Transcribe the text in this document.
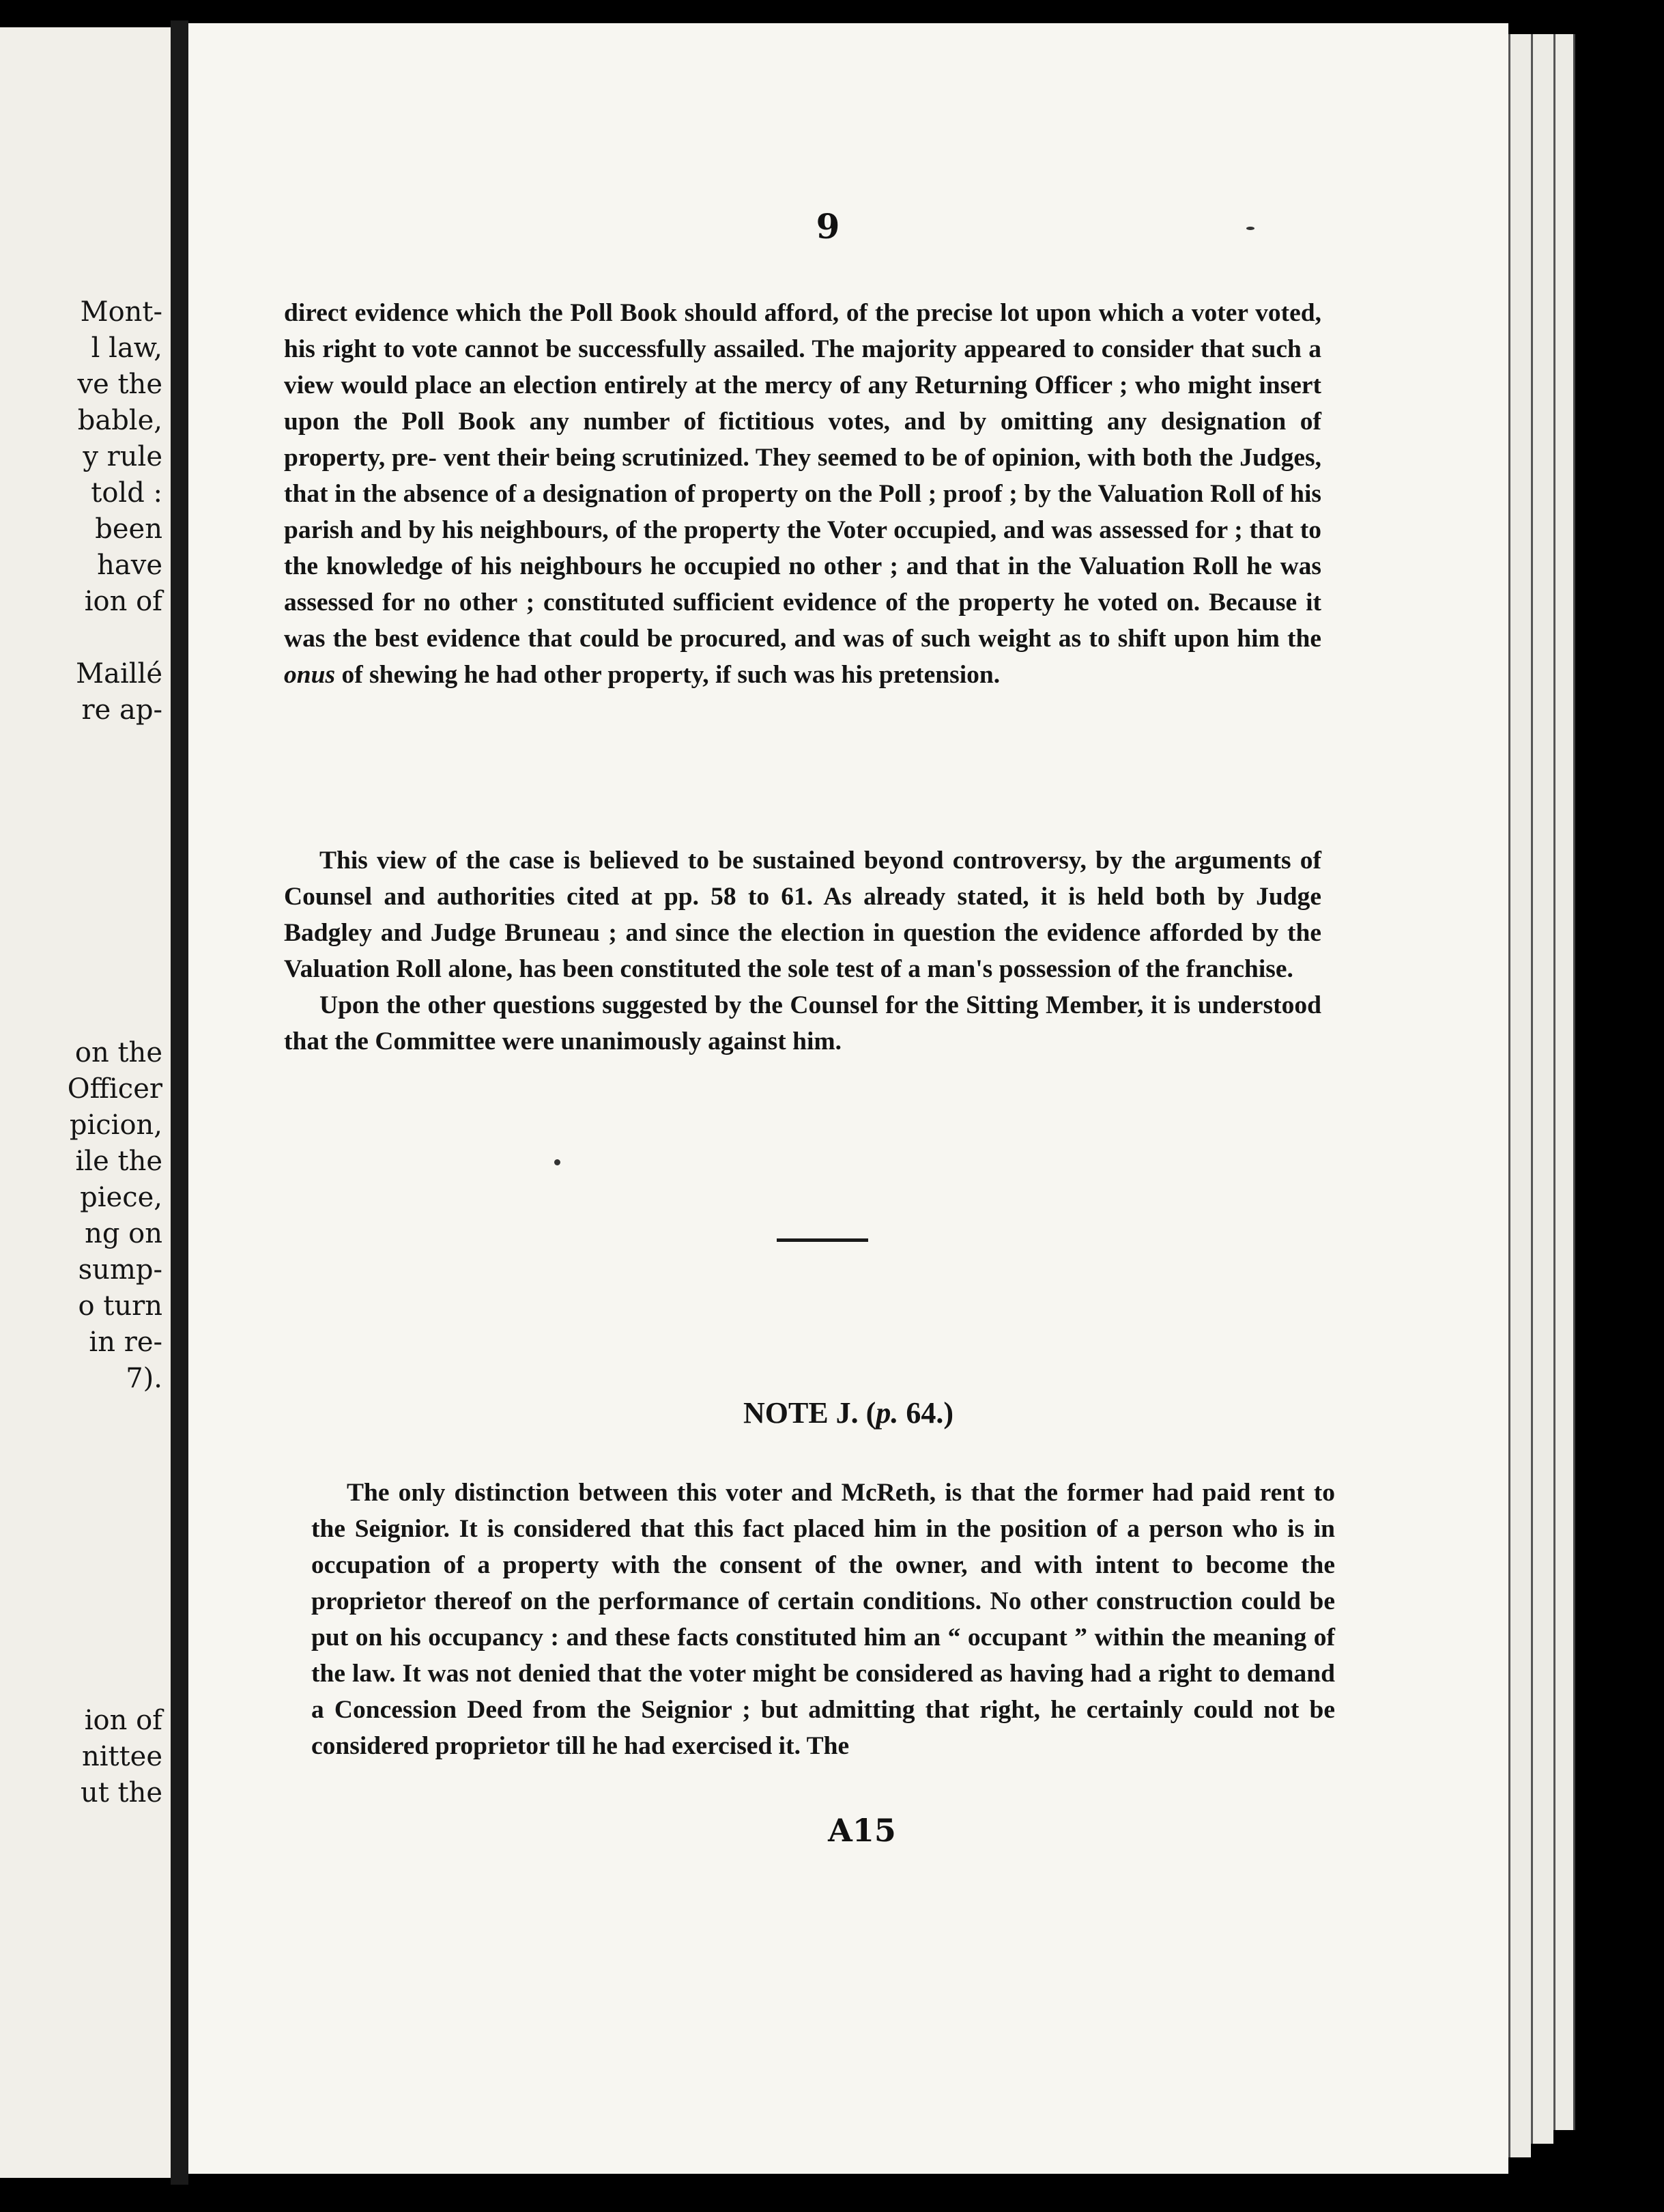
Mont-
l law,
ve the
bable,
y rule
told :
been
have
ion of
Maillé
re ap-
on the
Officer
picion,
ile the
piece,
ng on
sump-
o turn
in re-
7).
ion of
nittee
ut the
9

direct evidence which the Poll Book should afford, of the precise lot upon which a voter voted, his right to vote cannot be successfully assailed. The majority appeared to consider that such a view would place an election entirely at the mercy of any Returning Officer ; who might insert upon the Poll Book any number of fictitious votes, and by omitting any designation of property, pre- vent their being scrutinized. They seemed to be of opinion, with both the Judges, that in the absence of a designation of property on the Poll ; proof ; by the Valuation Roll of his parish and by his neighbours, of the property the Voter occupied, and was assessed for ; that to the knowledge of his neighbours he occupied no other ; and that in the Valuation Roll he was assessed for no other ; constituted sufficient evidence of the property he voted on. Because it was the best evidence that could be procured, and was of such weight as to shift upon him the onus of shewing he had other property, if such was his pretension.

This view of the case is believed to be sustained beyond controversy, by the arguments of Counsel and authorities cited at pp. 58 to 61. As already stated, it is held both by Judge Badgley and Judge Bruneau ; and since the election in question the evidence afforded by the Valuation Roll alone, has been constituted the sole test of a man's possession of the franchise.

Upon the other questions suggested by the Counsel for the Sitting Member, it is understood that the Committee were unanimously against him.

NOTE J. (p. 64.)

The only distinction between this voter and McReth, is that the former had paid rent to the Seignior. It is considered that this fact placed him in the position of a person who is in occupation of a property with the consent of the owner, and with intent to become the proprietor thereof on the performance of certain conditions. No other construction could be put on his occupancy : and these facts constituted him an “ occupant ” within the meaning of the law. It was not denied that the voter might be considered as having had a right to demand a Concession Deed from the Seignior ; but admitting that right, he certainly could not be considered proprietor till he had exercised it. The

A15
